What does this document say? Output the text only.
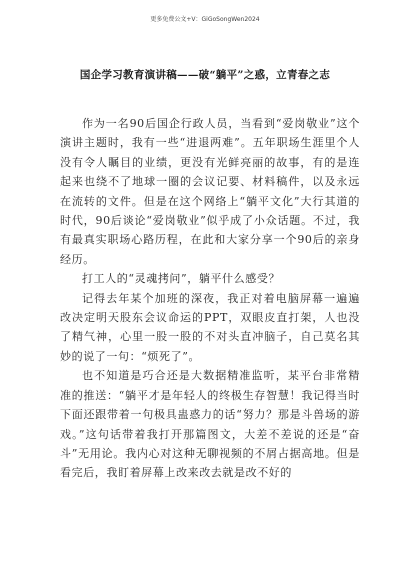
更多免费公文+V：GiGoSongWen2024
国企学习教育演讲稿——破“躺平”之惑，立青春之志

作为一名90后国企行政人员，当看到“爱岗敬业”这个演讲主题时，我有一些“进退两难”。五年职场生涯里个人没有令人瞩目的业绩，更没有光鲜亮丽的故事，有的是连起来也绕不了地球一圈的会议记要、材料稿件，以及永远在流转的文件。但是在这个网络上“躺平文化”大行其道的时代，90后谈论“爱岗敬业”似乎成了小众话题。不过，我有最真实职场心路历程，在此和大家分享一个90后的亲身经历。

打工人的“灵魂拷问”，躺平什么感受？

记得去年某个加班的深夜，我正对着电脑屏幕一遍遍改决定明天股东会议命运的PPT，双眼皮直打架，人也没了精气神，心里一股一股的不对头直冲脑子，自己莫名其妙的说了一句：“烦死了”。

也不知道是巧合还是大数据精准监听，某平台非常精准的推送：“躺平才是年轻人的终极生存智慧！我记得当时下面还跟带着一句极具蛊惑力的话“努力？那是斗兽场的游戏。”这句话带着我打开那篇图文，大差不差说的还是“奋斗”无用论。我内心对这种无聊视频的不屑占据高地。但是看完后，我盯着屏幕上改来改去就是改不好的
